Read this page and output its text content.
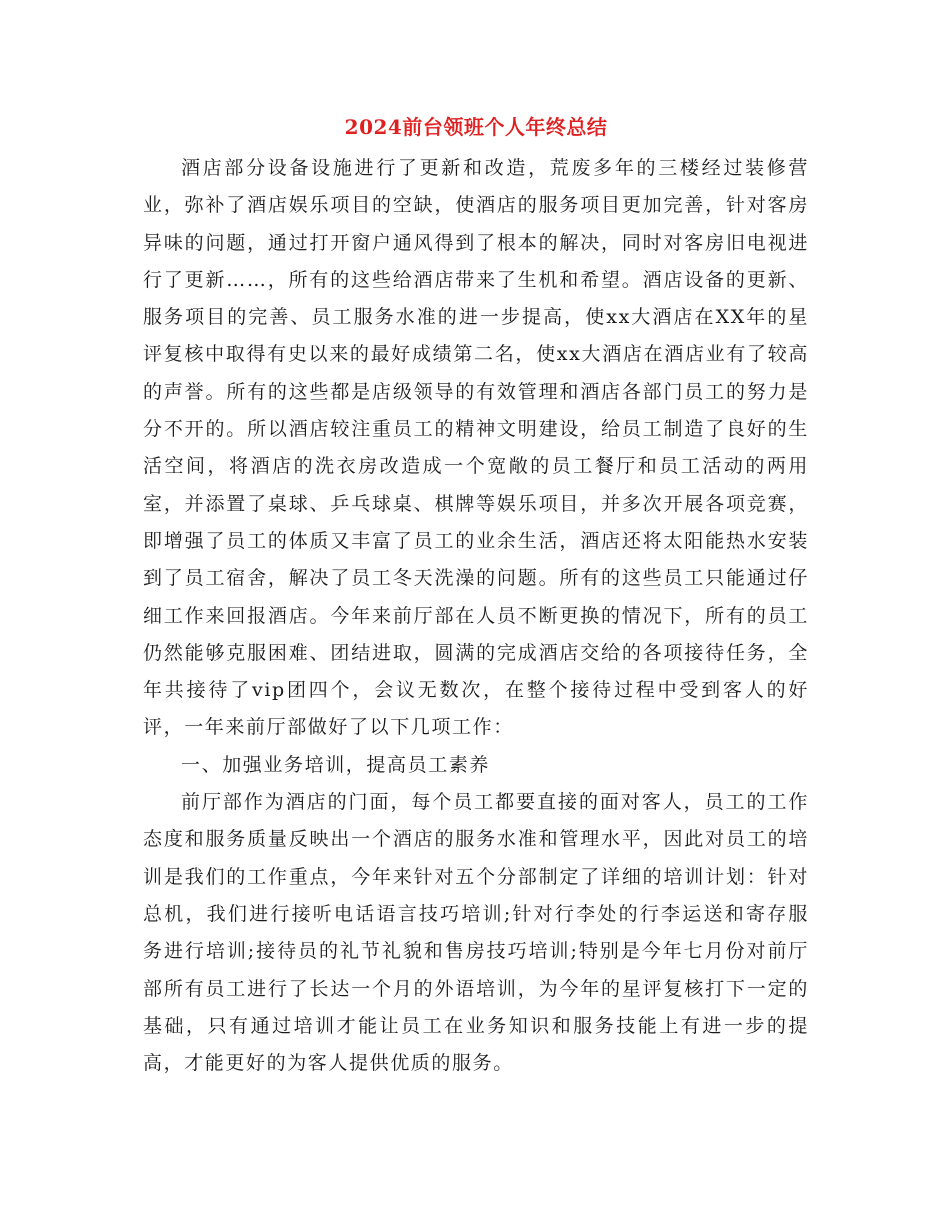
2024前台领班个人年终总结

酒店部分设备设施进行了更新和改造，荒废多年的三楼经过装修营业，弥补了酒店娱乐项目的空缺，使酒店的服务项目更加完善，针对客房异味的问题，通过打开窗户通风得到了根本的解决，同时对客房旧电视进行了更新……，所有的这些给酒店带来了生机和希望。酒店设备的更新、服务项目的完善、员工服务水准的进一步提高，使xx大酒店在XX年的星评复核中取得有史以来的最好成绩第二名，使xx大酒店在酒店业有了较高的声誉。所有的这些都是店级领导的有效管理和酒店各部门员工的努力是分不开的。所以酒店较注重员工的精神文明建设，给员工制造了良好的生活空间，将酒店的洗衣房改造成一个宽敞的员工餐厅和员工活动的两用室，并添置了桌球、乒乓球桌、棋牌等娱乐项目，并多次开展各项竞赛，即增强了员工的体质又丰富了员工的业余生活，酒店还将太阳能热水安装到了员工宿舍，解决了员工冬天洗澡的问题。所有的这些员工只能通过仔细工作来回报酒店。今年来前厅部在人员不断更换的情况下，所有的员工仍然能够克服困难、团结进取，圆满的完成酒店交给的各项接待任务，全年共接待了vip团四个，会议无数次，在整个接待过程中受到客人的好评，一年来前厅部做好了以下几项工作：

一、加强业务培训，提高员工素养

前厅部作为酒店的门面，每个员工都要直接的面对客人，员工的工作态度和服务质量反映出一个酒店的服务水准和管理水平，因此对员工的培训是我们的工作重点，今年来针对五个分部制定了详细的培训计划：针对总机，我们进行接听电话语言技巧培训;针对行李处的行李运送和寄存服务进行培训;接待员的礼节礼貌和售房技巧培训;特别是今年七月份对前厅部所有员工进行了长达一个月的外语培训，为今年的星评复核打下一定的基础，只有通过培训才能让员工在业务知识和服务技能上有进一步的提高，才能更好的为客人提供优质的服务。
